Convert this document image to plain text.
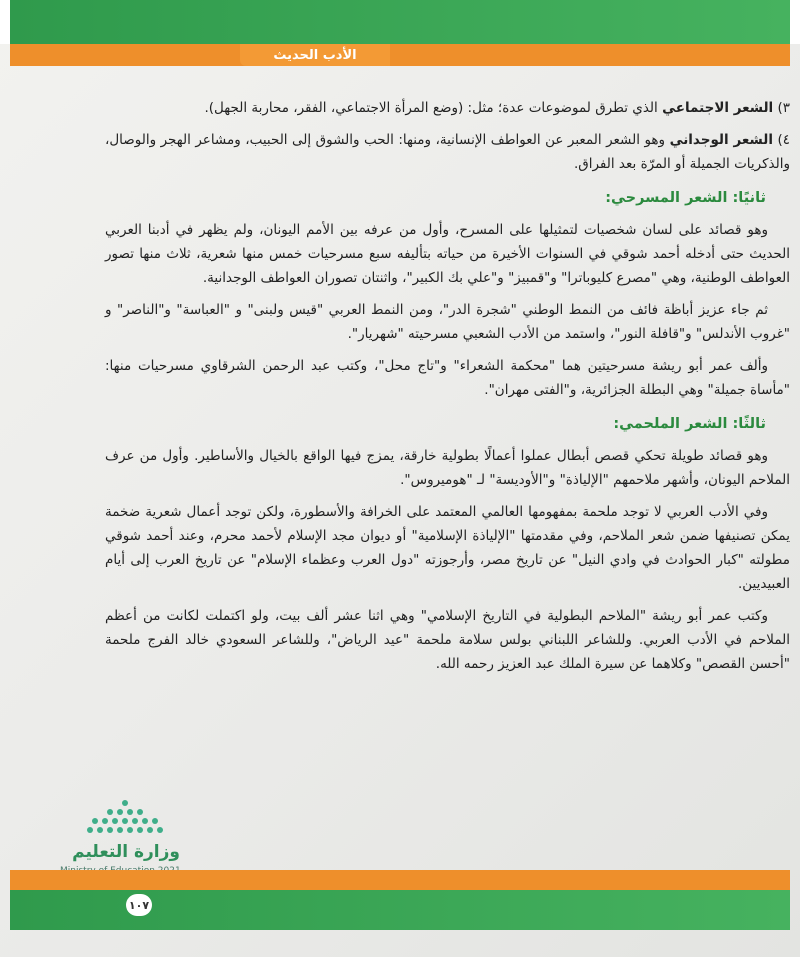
الأدب الحديث

٣) الشعر الاجتماعي الذي تطرق لموضوعات عدة؛ مثل: (وضع المرأة الاجتماعي، الفقر، محاربة الجهل).

٤) الشعر الوجداني وهو الشعر المعبر عن العواطف الإنسانية، ومنها: الحب والشوق إلى الحبيب، ومشاعر الهجر والوصال، والذكريات الجميلة أو المرّة بعد الفراق.

ثانيًا: الشعر المسرحي:

وهو قصائد على لسان شخصيات لتمثيلها على المسرح، وأول من عرفه بين الأمم اليونان، ولم يظهر في أدبنا العربي الحديث حتى أدخله أحمد شوقي في السنوات الأخيرة من حياته بتأليفه سبع مسرحيات خمس منها شعرية، ثلاث منها تصور العواطف الوطنية، وهي "مصرع كليوباترا" و"قمبيز" و"علي بك الكبير"، واثنتان تصوران العواطف الوجدانية.

ثم جاء عزيز أباظة فائف من النمط الوطني "شجرة الدر"، ومن النمط العربي "قيس ولبنى" و "العباسة" و"الناصر" و "غروب الأندلس" و"قافلة النور"، واستمد من الأدب الشعبي مسرحيته "شهريار".

وألف عمر أبو ريشة مسرحيتين هما "محكمة الشعراء" و"تاج محل"، وكتب عبد الرحمن الشرقاوي مسرحيات منها: "مأساة جميلة" وهي البطلة الجزائرية، و"الفتى مهران".

ثالثًا: الشعر الملحمي:

وهو قصائد طويلة تحكي قصص أبطال عملوا أعمالًا بطولية خارقة، يمزج فيها الواقع بالخيال والأساطير. وأول من عرف الملاحم اليونان، وأشهر ملاحمهم "الإلياذة" و"الأوديسة" لـ "هوميروس".

وفي الأدب العربي لا توجد ملحمة بمفهومها العالمي المعتمد على الخرافة والأسطورة، ولكن توجد أعمال شعرية ضخمة يمكن تصنيفها ضمن شعر الملاحم، وفي مقدمتها "الإلياذة الإسلامية" أو ديوان مجد الإسلام لأحمد محرم، وعند أحمد شوقي مطولته "كبار الحوادث في وادي النيل" عن تاريخ مصر، وأرجوزته "دول العرب وعظماء الإسلام" عن تاريخ العرب إلى أيام العبيديين.

وكتب عمر أبو ريشة "الملاحم البطولية في التاريخ الإسلامي" وهي اثنا عشر ألف بيت، ولو اكتملت لكانت من أعظم الملاحم في الأدب العربي. وللشاعر اللبناني بولس سلامة ملحمة "عيد الرياض"، وللشاعر السعودي خالد الفرج ملحمة "أحسن القصص" وكلاهما عن سيرة الملك عبد العزيز رحمه الله.

وزارة التعليم
١٠٧
